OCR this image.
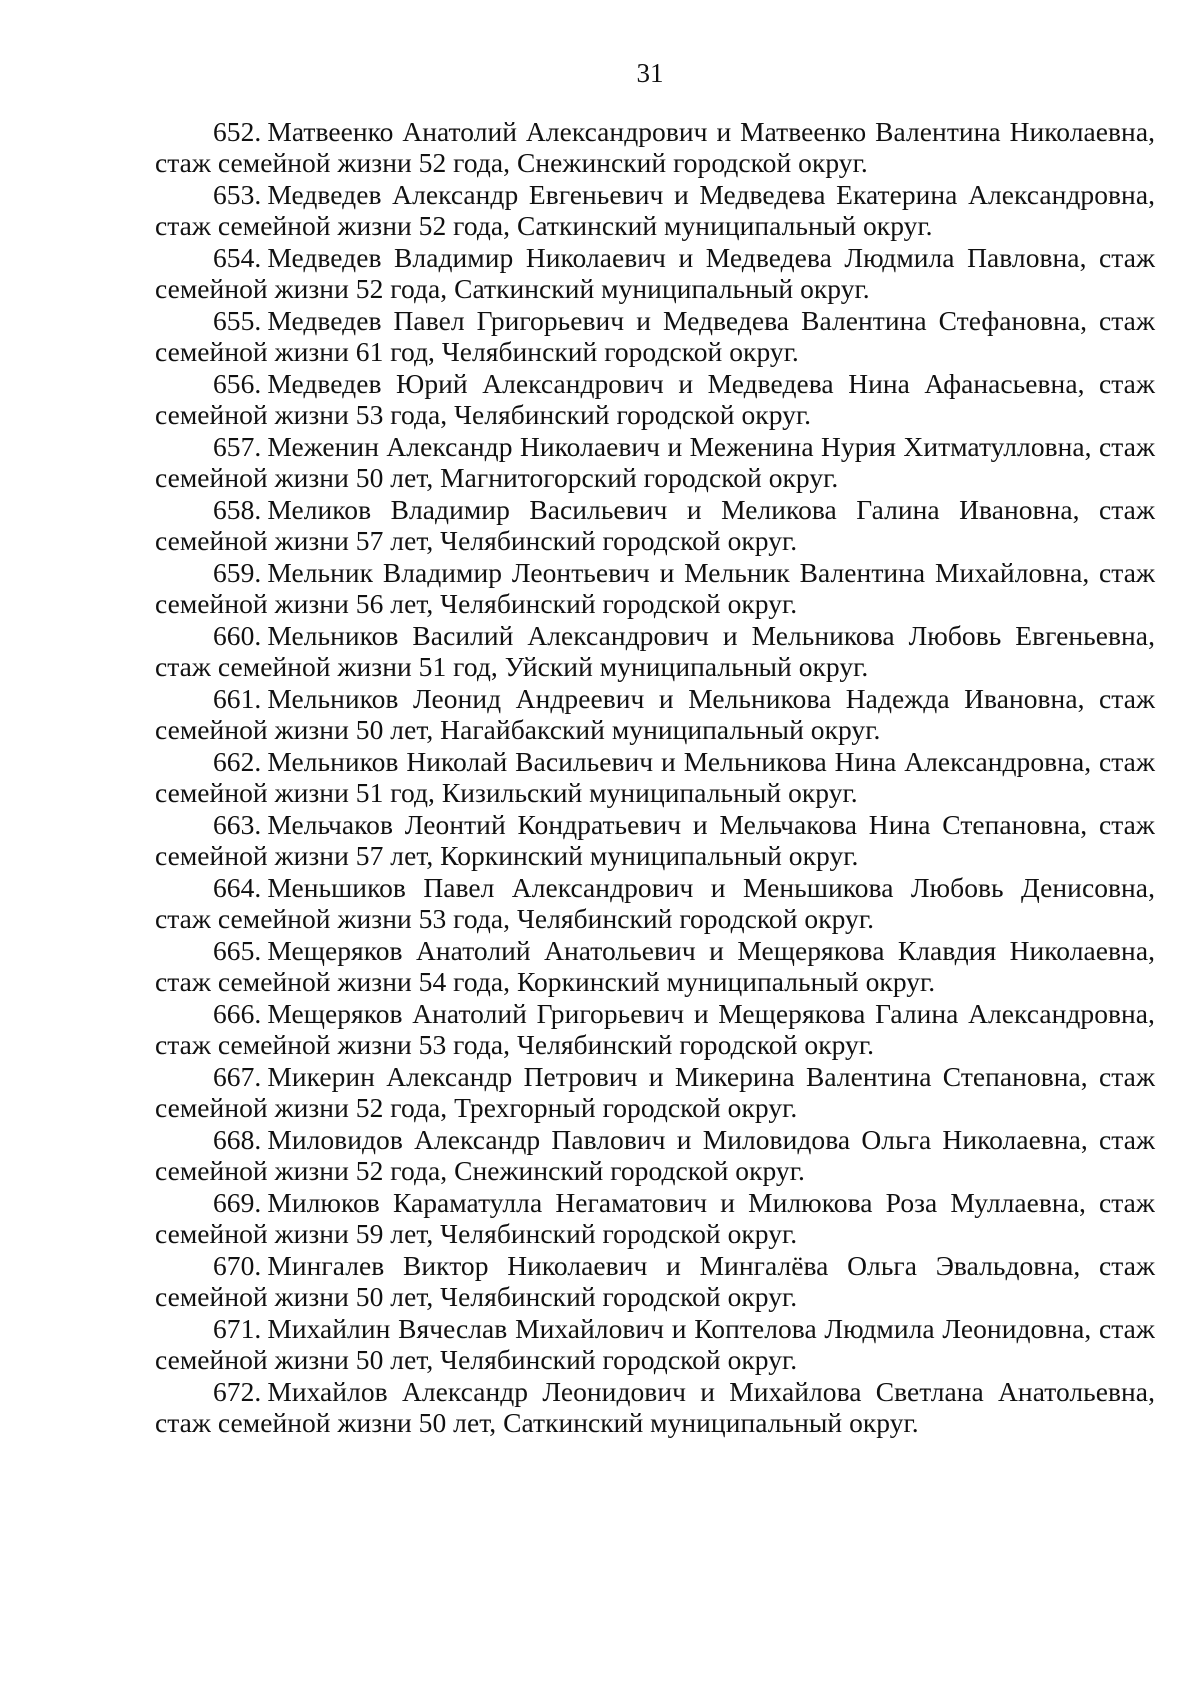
31
652. Матвеенко Анатолий Александрович и Матвеенко Валентина Николаевна, стаж семейной жизни 52 года, Снежинский городской округ.
653. Медведев Александр Евгеньевич и Медведева Екатерина Александровна, стаж семейной жизни 52 года, Саткинский муниципальный округ.
654. Медведев Владимир Николаевич и Медведева Людмила Павловна, стаж семейной жизни 52 года, Саткинский муниципальный округ.
655. Медведев Павел Григорьевич и Медведева Валентина Стефановна, стаж семейной жизни 61 год, Челябинский городской округ.
656. Медведев Юрий Александрович и Медведева Нина Афанасьевна, стаж семейной жизни 53 года, Челябинский городской округ.
657. Меженин Александр Николаевич и Меженина Нурия Хитматулловна, стаж семейной жизни 50 лет, Магнитогорский городской округ.
658. Меликов Владимир Васильевич и Меликова Галина Ивановна, стаж семейной жизни 57 лет, Челябинский городской округ.
659. Мельник Владимир Леонтьевич и Мельник Валентина Михайловна, стаж семейной жизни 56 лет, Челябинский городской округ.
660. Мельников Василий Александрович и Мельникова Любовь Евгеньевна, стаж семейной жизни 51 год, Уйский муниципальный округ.
661. Мельников Леонид Андреевич и Мельникова Надежда Ивановна, стаж семейной жизни 50 лет, Нагайбакский муниципальный округ.
662. Мельников Николай Васильевич и Мельникова Нина Александровна, стаж семейной жизни 51 год, Кизильский муниципальный округ.
663. Мельчаков Леонтий Кондратьевич и Мельчакова Нина Степановна, стаж семейной жизни 57 лет, Коркинский муниципальный округ.
664. Меньшиков Павел Александрович и Меньшикова Любовь Денисовна, стаж семейной жизни 53 года, Челябинский городской округ.
665. Мещеряков Анатолий Анатольевич и Мещерякова Клавдия Николаевна, стаж семейной жизни 54 года, Коркинский муниципальный округ.
666. Мещеряков Анатолий Григорьевич и Мещерякова Галина Александровна, стаж семейной жизни 53 года, Челябинский городской округ.
667. Микерин Александр Петрович и Микерина Валентина Степановна, стаж семейной жизни 52 года, Трехгорный городской округ.
668. Миловидов Александр Павлович и Миловидова Ольга Николаевна, стаж семейной жизни 52 года, Снежинский городской округ.
669. Милюков Караматулла Негаматович и Милюкова Роза Муллаевна, стаж семейной жизни 59 лет, Челябинский городской округ.
670. Мингалев Виктор Николаевич и Мингалёва Ольга Эвальдовна, стаж семейной жизни 50 лет, Челябинский городской округ.
671. Михайлин Вячеслав Михайлович и Коптелова Людмила Леонидовна, стаж семейной жизни 50 лет, Челябинский городской округ.
672. Михайлов Александр Леонидович и Михайлова Светлана Анатольевна, стаж семейной жизни 50 лет, Саткинский муниципальный округ.
